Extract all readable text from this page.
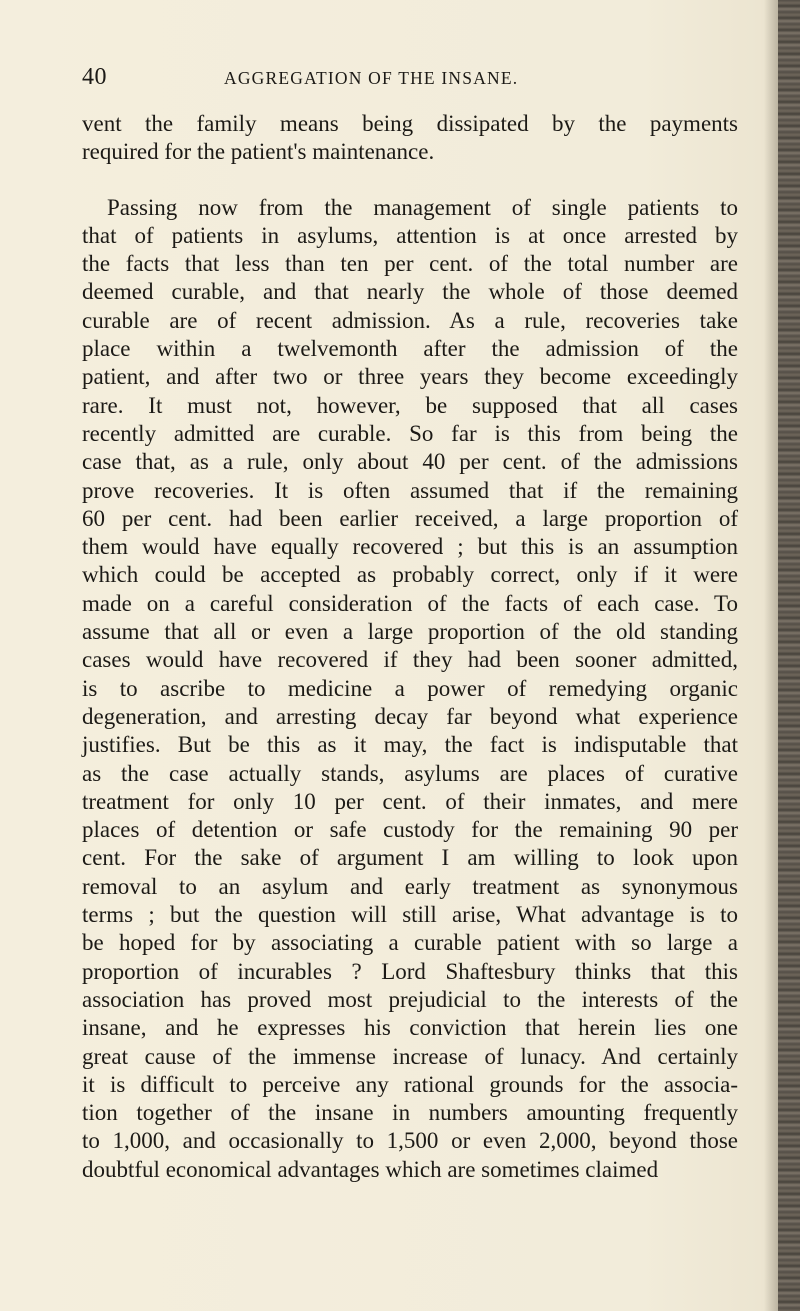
40	AGGREGATION OF THE INSANE.
vent the family means being dissipated by the payments
required for the patient's maintenance.
Passing now from the management of single patients to
that of patients in asylums, attention is at once arrested by
the facts that less than ten per cent. of the total number are
deemed curable, and that nearly the whole of those deemed
curable are of recent admission. As a rule, recoveries take
place within a twelvemonth after the admission of the
patient, and after two or three years they become exceedingly
rare. It must not, however, be supposed that all cases
recently admitted are curable. So far is this from being the
case that, as a rule, only about 40 per cent. of the admissions
prove recoveries. It is often assumed that if the remaining
60 per cent. had been earlier received, a large proportion of
them would have equally recovered ; but this is an assumption
which could be accepted as probably correct, only if it were
made on a careful consideration of the facts of each case. To
assume that all or even a large proportion of the old standing
cases would have recovered if they had been sooner admitted,
is to ascribe to medicine a power of remedying organic
degeneration, and arresting decay far beyond what experience
justifies. But be this as it may, the fact is indisputable that
as the case actually stands, asylums are places of curative
treatment for only 10 per cent. of their inmates, and mere
places of detention or safe custody for the remaining 90 per
cent. For the sake of argument I am willing to look upon
removal to an asylum and early treatment as synonymous
terms ; but the question will still arise, What advantage is to
be hoped for by associating a curable patient with so large a
proportion of incurables ? Lord Shaftesbury thinks that this
association has proved most prejudicial to the interests of the
insane, and he expresses his conviction that herein lies one
great cause of the immense increase of lunacy. And certainly
it is difficult to perceive any rational grounds for the associa-
tion together of the insane in numbers amounting frequently
to 1,000, and occasionally to 1,500 or even 2,000, beyond those
doubtful economical advantages which are sometimes claimed
